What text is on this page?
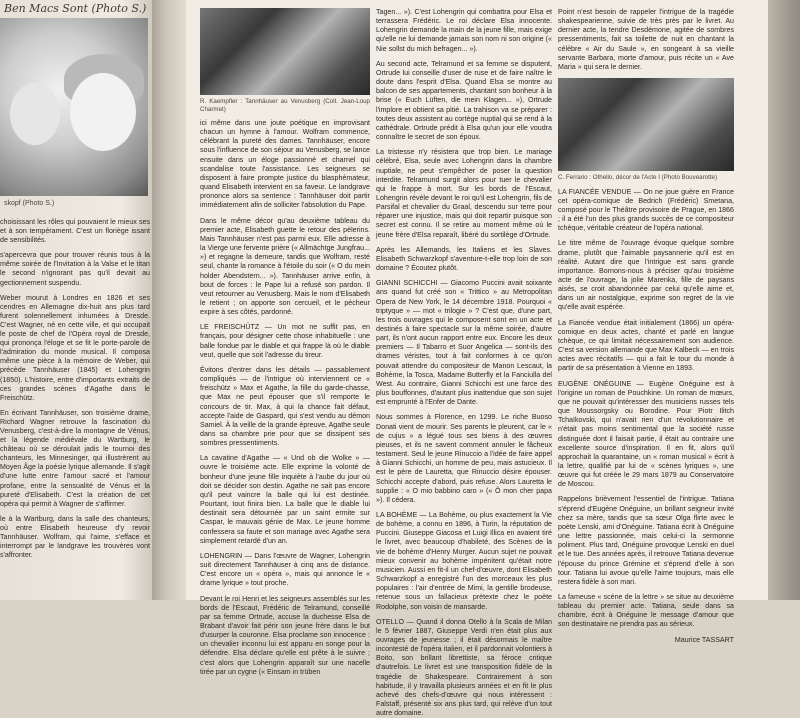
Ben Macs Sont (Photo S.)
skopf (Photo S.)

choisissant les rôles qui pouvaient le mieux ses et à son tempérament. C'est un floriège issant de sensibilités.

s'apercevra que pour trouver réunis tous à la même soirée de l'Invitation à la Valse et le titan le second n'ignorant pas qu'il devait au gectionnement suspendu.

Weber mourut à Londres en 1826 et ses cendres en Allemagne dix-huit ans plus tard furent solennellement inhumées à Dresde. C'est Wagner, né en cette ville, et qui occupait le poste de chef de l'Opéra royal de Dresde, qui prononça l'éloge et se fit le porte-parole de l'admiration du monde musical. Il composa même une pièce à la mémoire de Weber, qui précède Tannhäuser (1845) et Lohengrin (1850). L'histoire, entre d'importants extraits de ces grandes scènes d'Agathe dans le Freischütz.

En écrivant Tannhäuser, son troisième drame, Richard Wagner retrouve la fascination du Venusberg, c'est-à-dire la montagne de Vénus, et la légende médiévale du Wartburg, le château où se déroulait jadis le tournoi des chanteurs, les Minnesinger, qui illustrèrent au Moyen Âge la poésie lyrique allemande. Il s'agit d'une lutte entre l'amour sacré et l'amour profane, entre la sensualité de Vénus et la pureté d'Elisabeth. C'est la création de cet opéra qui permit à Wagner de s'affirmer.

le à la Wartburg, dans la salle des chanteurs, où entre Elisabeth heureuse d'y revoir Tannhäuser. Wolfram, qui l'aime, s'efface et interrompt par le landgrave les trouvères vont s'affronter.

R. Kaempfler : Tannhäuser au Venusberg (Coll. Jean-Loup Charmet)

ici même dans une joute poétique en improvisant chacun un hymne à l'amour. Wolfram commence, célébrant la pureté des dames. Tannhäuser, encore sous l'influence de son séjour au Venusberg, se lance ensuite dans un éloge passionné et charnel qui scandalise toute l'assistance. Les seigneurs se disposent à faire prompte justice du blasphémateur, quand Elisabeth intervient en sa faveur. Le landgrave prononce alors sa sentence : Tannhäuser doit partir immédiatement afin de solliciter l'absolution du Pape.

Dans le même décor qu'au deuxième tableau du premier acte, Elisabeth guette le retour des pèlerins. Mais Tannhäuser n'est pas parmi eux. Elle adresse à la Vierge une fervente prière (« Allmächtge Jungfrau... ») et regagne la demeure, tandis que Wolfram, resté seul, chante la romance à l'étoile du soir (« O du mein holder Abendstern... »). Tannhäuser arrive enfin, à bout de forces : le Pape lui a refusé son pardon. Il veut retourner au Venusberg. Mais le nom d'Elisabeth le retient ; on apporte son cercueil, et le pécheur expire à ses côtés, pardonné.

LE FREISCHÜTZ — Un mot ne suffit pas, en français, pour désigner cette chose inhabituelle : une balle fondue par le diable et qui frappe là où le diable veut, quelle que soit l'adresse du tireur.

Évitons d'entrer dans les détails — passablement compliqués — de l'intrigue où interviennent ce « freischütz » Max et Agathe, la fille du garde-chasse, que Max ne peut épouser que s'il remporte le concours de tir. Max, à qui la chance fait défaut, accepte l'aide de Gaspard, qui s'est vendu au démon Samiel. À la veille de la grande épreuve, Agathe seule dans sa chambre prie pour que se dissipent ses sombres pressentiments.

La cavatine d'Agathe — « Und ob die Wolke » — ouvre le troisième acte. Elle exprime la volonté de bonheur d'une jeune fille inquiète à l'aube du jour où doit se décider son destin. Agathe ne sait pas encore qu'il peut vaincre la balle qui lui est destinée. Pourtant, tout finira bien. La balle que le diable lui destinait sera détournée par un saint ermite sur Caspar, le mauvais génie de Max. Le jeune homme confessera sa faute et son mariage avec Agathe sera simplement retardé d'un an.

LOHENGRIN — Dans l'œuvre de Wagner, Lohengrin suit directement Tannhäuser à cinq ans de distance. C'est encore un « opéra », mais qui annonce le « drame lyrique » tout proche.

Devant le roi Henri et les seigneurs assemblés sur les bords de l'Escaut, Frédéric de Telramund, conseillé par sa femme Ortrude, accuse la duchesse Elsa de Brabant d'avoir fait périr son jeune frère dans le but d'usurper la couronne. Elsa proclame son innocence : un chevalier inconnu lui est apparu en songe pour la défendre. Elsa déclare qu'elle est prête à le suivre ; c'est alors que Lohengrin apparaît sur une nacelle tirée par un cygne (« Einsam in trüben

Tagen... »). C'est Lohengrin qui combattra pour Elsa et terrassera Frédéric. Le roi déclare Elsa innocente. Lohengrin demande la main de la jeune fille, mais exige qu'elle ne lui demande jamais son nom ni son origine (« Nie sollst du mich befragen... »).

Au second acte, Telramund et sa femme se disputent, Ortrude lui conseille d'user de ruse et de faire naître le doute dans l'esprit d'Elsa. Quand Elsa se montre au balcon de ses appartements, chantant son bonheur à la brise (« Euch Lüften, die mein Klagen... »), Ortrude l'implore et obtient sa pitié. La trahison va se préparer : toutes deux assistent au cortège nuptial qui se rend à la cathédrale. Ortrude prédit à Elsa qu'un jour elle voudra connaître le secret de son époux.

La tristesse n'y résistera que trop bien. Le mariage célébré, Elsa, seule avec Lohengrin dans la chambre nuptiale, ne peut s'empêcher de poser la question interdite. Telramund surgit alors pour tuer le chevalier qui le frappe à mort. Sur les bords de l'Escaut, Lohengrin révèle devant le roi qu'il est Lohengrin, fils de Parsifal et chevalier du Graal, descendu sur terre pour réparer une injustice, mais qui doit repartir puisque son secret est connu. Il se retire au moment même où le jeune frère d'Elsa reparaît, libéré du sortilège d'Ortrude.

Après les Allemands, les Italiens et les Slaves. Elisabeth Schwarzkopf s'aventure-t-elle trop loin de son domaine ? Écoutez plutôt.

GIANNI SCHICCHI — Giacomo Puccini avait soixante ans quand fut créé son « Trittico » au Metropolitan Opera de New York, le 14 décembre 1918. Pourquoi « triptyque » — mot « trilogie » ? C'est que, d'une part, les trois ouvrages qui le composent sont en un acte et destinés à faire spectacle sur la même soirée, d'autre part, ils n'ont aucun rapport entre eux. Encore les deux premiers — Il Tabarro et Suor Angelica — sont-ils des drames véristes, tout à fait conformes à ce qu'on pouvait attendre du compositeur de Manon Lescaut, la Bohème, la Tosca, Madame Butterfly et la Fanciulla del West. Au contraire, Gianni Schicchi est une farce des plus bouffonnes, d'autant plus inattendue que son sujet est emprunté à l'Enfer de Dante.

Nous sommes à Florence, en 1299. Le riche Buoso Donati vient de mourir. Ses parents le pleurent, car le « de cujus » a légué tous ses biens à des œuvres pieuses, et ils ne savent comment annuler le fâcheux testament. Seul le jeune Rinuccio a l'idée de faire appel à Gianni Schicchi, un homme de peu, mais astucieux. Il est le père de Lauretta, que Rinuccio désire épouser. Schicchi accepte d'abord, puis refuse. Alors Lauretta le supplie : « O mio babbino caro » (« Ô mon cher papa »). Il cédera.

LA BOHÈME — La Bohème, ou plus exactement la Vie de bohème, a connu en 1896, à Turin, la réputation de Puccini. Giuseppe Giacosa et Luigi Illica en avaient tiré le livret, avec beaucoup d'habileté, des Scènes de la vie de bohème d'Henry Murger. Aucun sujet ne pouvait mieux convenir au bohème impénitent qu'était notre musicien. Aussi en fit-il un chef-d'œuvre, dont Elisabeth Schwarzkopf a enregistré l'un des morceaux les plus populaires : l'air d'entrée de Mimi, la gentille brodeuse, retenue sous un fallacieux prétexte chez le poète Rodolphe, son voisin de mansarde.

OTELLO — Quand il donna Otello à la Scala de Milan le 5 février 1887, Giuseppe Verdi n'en était plus aux ouvrages de jeunesse ; il était désormais le maître incontesté de l'opéra italien, et il pardonnait volontiers à Boito, son brillant librettiste, sa féroce critique d'autrefois. Le livret est une transposition fidèle de la tragédie de Shakespeare. Contrairement à son habitude, il y travailla plusieurs années et en fit le plus achevé des chefs-d'œuvre qui nous intéressent : Falstaff, présenté six ans plus tard, qui relève d'un tout autre domaine.

Point n'est besoin de rappeler l'intrigue de la tragédie shakespearienne, suivie de très près par le livret. Au dernier acte, la tendre Desdémone, agitée de sombres pressentiments, fait sa toilette de nuit en chantant la célèbre « Air du Saule », en songeant à sa vieille servante Barbara, morte d'amour, puis récite un « Ave Maria » qui sera le dernier.

C. Ferrario : Othello, décor de l'Acte I (Photo Bouvearotte)

LA FIANCÉE VENDUE — On ne joue guère en France cet opéra-comique de Bedrich (Frédéric) Smetana, composé pour le Théâtre provisoire de Prague, en 1866 ; il a été l'un des plus grands succès de ce compositeur tchèque, véritable créateur de l'opéra national.

Le titre même de l'ouvrage évoque quelque sombre drame, plutôt que l'aimable paysannerie qu'il est en réalité. Autant dire que l'intrigue est sans grande importance. Bornons-nous à préciser qu'au troisième acte de l'ouvrage, la jolie Marenka, fille de paysans aisés, se croit abandonnée par celui qu'elle aime et, dans un air nostalgique, exprime son regret de la vie qu'elle avait espérée.

La Fiancée vendue était initialement (1866) un opéra-comique en deux actes, chanté et parlé en langue tchèque, ce qui limitait nécessairement son audience. C'est sa version allemande que Max Kalbeck — en trois actes avec récitatifs — qui a fait le tour du monde à partir de sa présentation à Vienne en 1893.

EUGÈNE ONÉGUINE — Eugène Onéguine est à l'origine un roman de Pouchkine. Un roman de mœurs, que ne pouvait qu'intéresser des musiciens russes tels que Moussorgsky ou Borodine. Pour Piotr Ilitch Tchaïkovski, qui n'avait rien d'un révolutionnaire et n'était pas moins sentimental que la société russe distinguée dont il faisait partie, il était au contraire une excellente source d'inspiration. Il en fit, alors qu'il approchait la quarantaine, un « roman musical » écrit à la lettre, qualifié par lui de « scènes lyriques », une œuvre qui fut créée le 29 mars 1879 au Conservatoire de Moscou.

Rappelons brièvement l'essentiel de l'intrigue. Tatiana s'éprend d'Eugène Onéguine, un brillant seigneur invité chez sa mère, tandis que sa sœur Olga flirte avec le poète Lenski, ami d'Onéguine. Tatiana écrit à Onéguine une lettre passionnée, mais celui-ci la sermonne poliment. Plus tard, Onéguine provoque Lenski en duel et le tue. Des années après, il retrouve Tatiana devenue l'épouse du prince Grémine et s'éprend d'elle à son tour. Tatiana lui avoue qu'elle l'aime toujours, mais elle restera fidèle à son mari.

La fameuse « scène de la lettre » se situe au deuxième tableau du premier acte. Tatiana, seule dans sa chambre, écrit à Onéguine le message d'amour que son destinataire ne prendra pas au sérieux.

Maurice TASSART
